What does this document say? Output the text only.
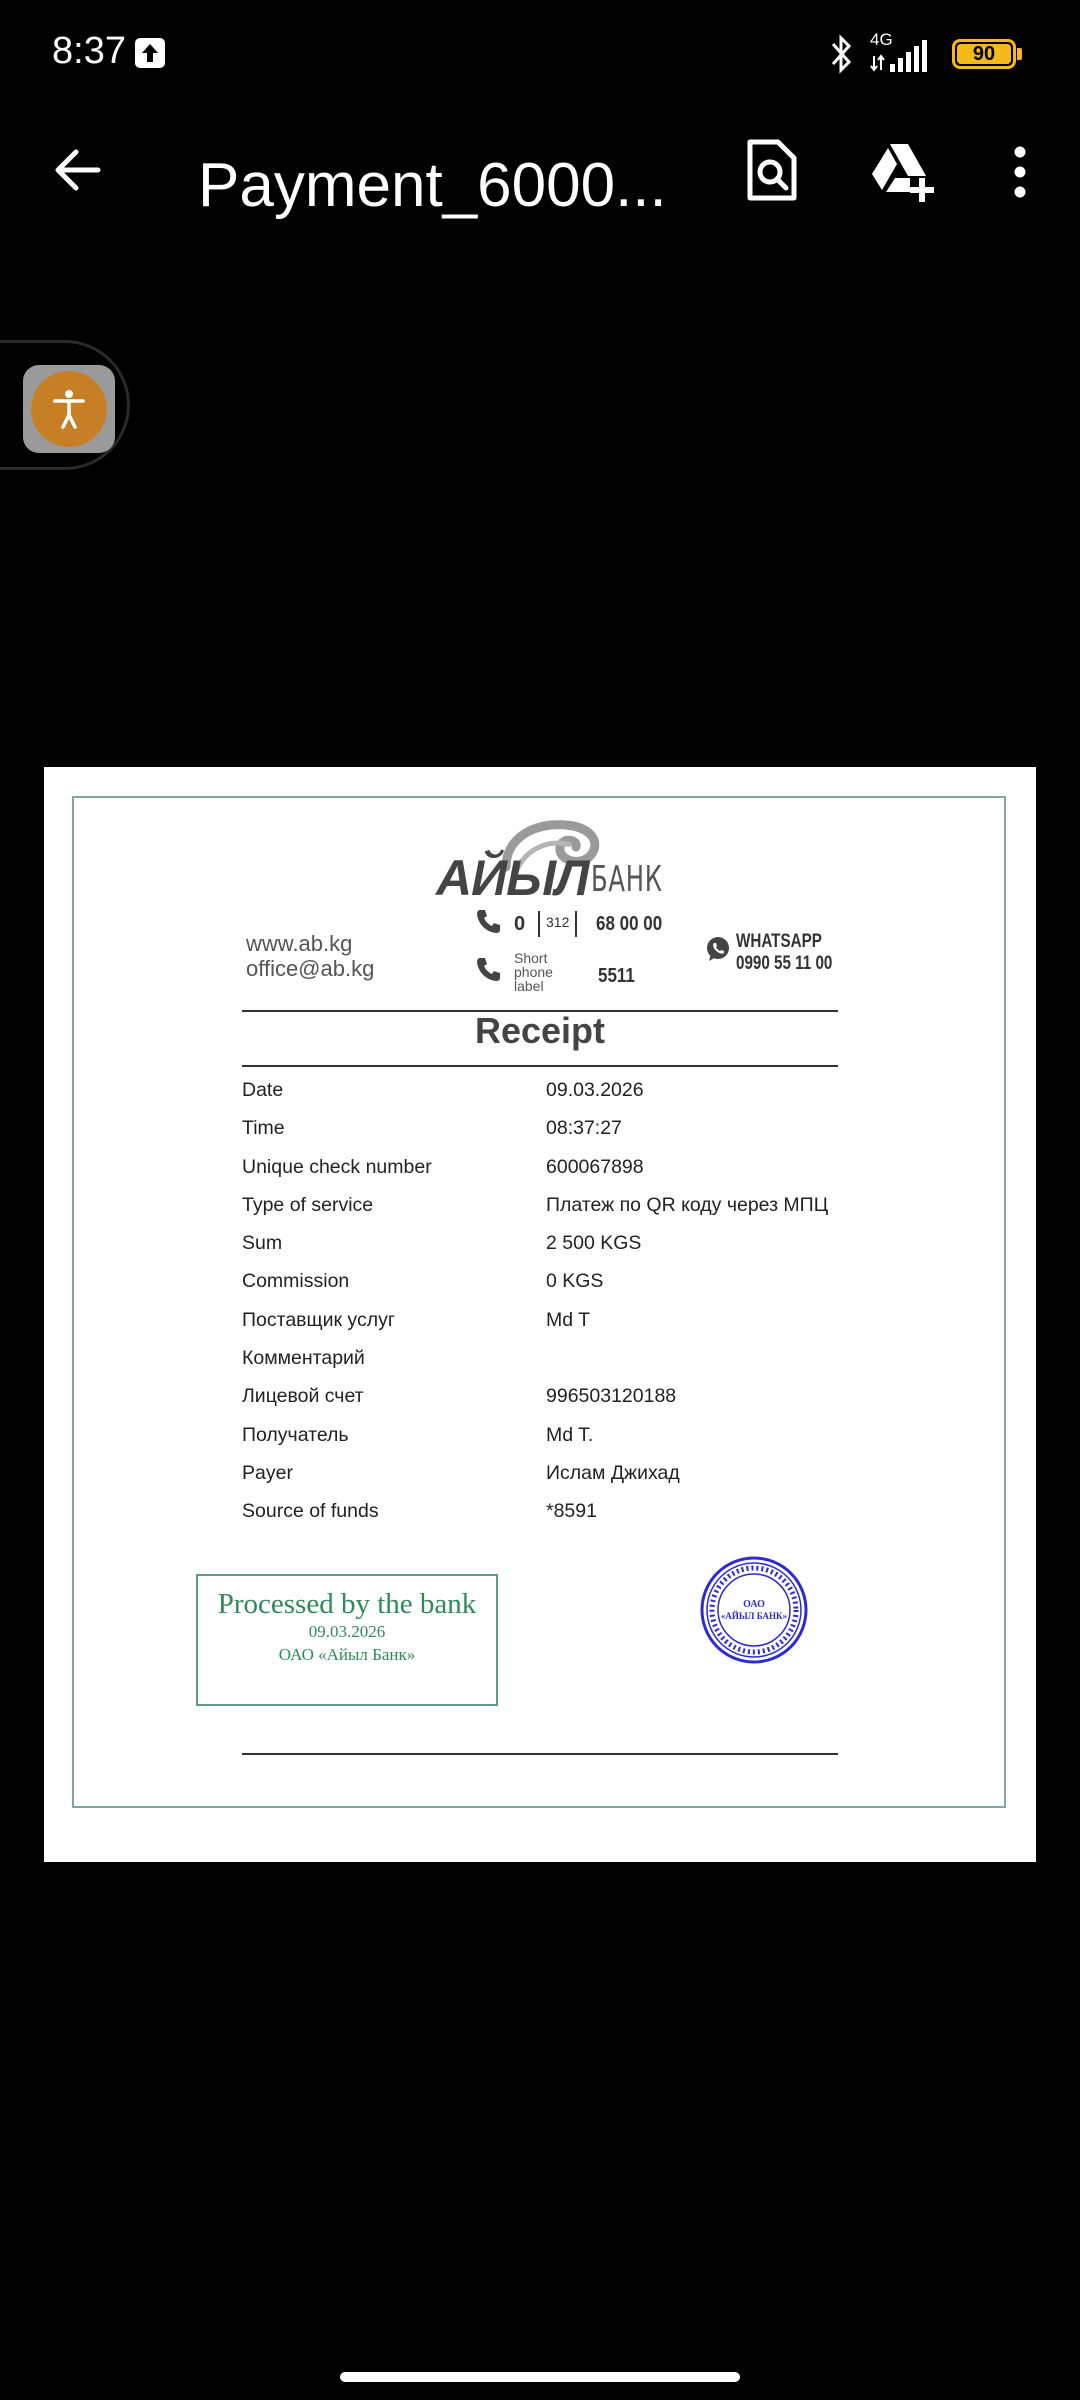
8:37	4G
90
Payment_6000...
АЙЫЛ БАНК
www.ab.kg
office@ab.kg
0	312	68 00 00
Short phone label	5511
WHATSAPP
0990 55 11 00
Receipt
Date	09.03.2026
Time	08:37:27
Unique check number	600067898
Type of service	Платеж по QR коду через МПЦ
Sum	2 500 KGS
Commission	0 KGS
Поставщик услуг	Md T
Комментарий
Лицевой счет	996503120188
Получатель	Md T.
Payer	Ислам Джихад
Source of funds	*8591
Processed by the bank
09.03.2026
ОАО «Айыл Банк»
ОАО
«АЙЫЛ БАНК»
